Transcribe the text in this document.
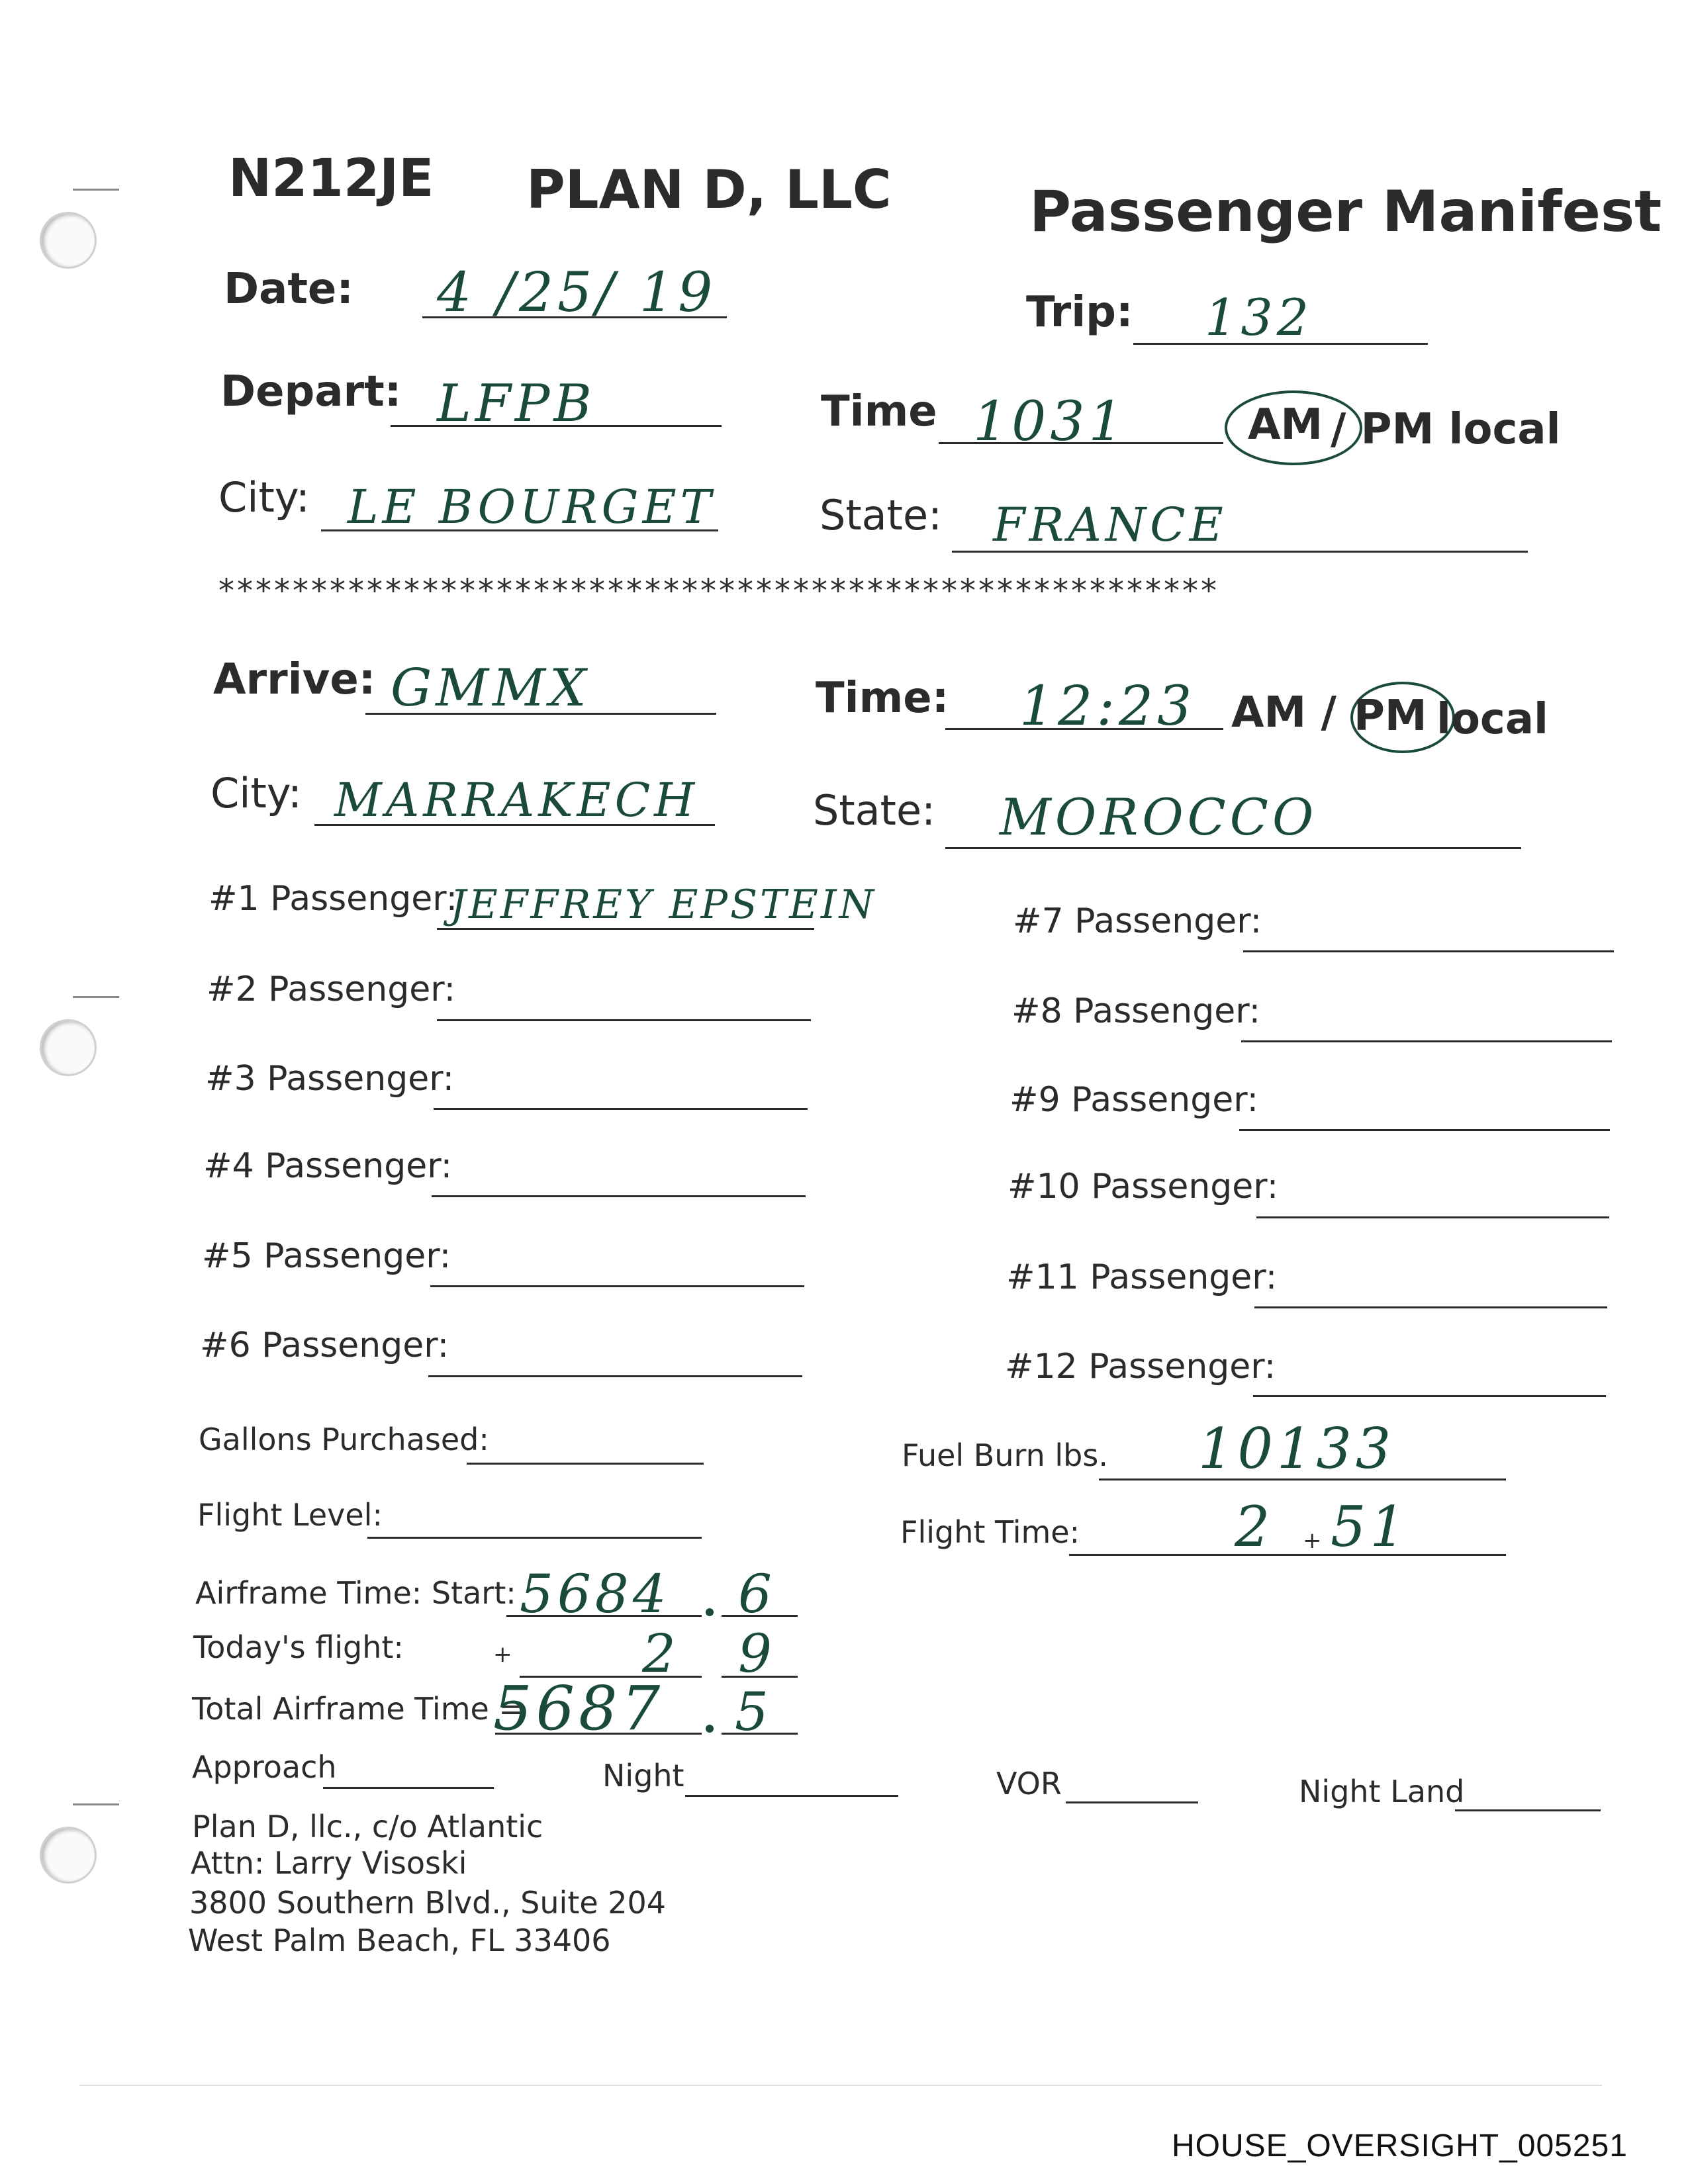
N212JE PLAN D, LLC Passenger Manifest
Date: 4 /25/ 19	Trip: 132
Depart: LFPB	Time 1031	AM / PM local
City: LE BOURGET	State: FRANCE
******************************************************
Arrive: GMMX	Time: 12:23 AM / PM local
City: MARRAKECH	State: MOROCCO
#1 Passenger:
JEFFREY EPSTEIN
#2 Passenger:
#3 Passenger:
#4 Passenger:
#5 Passenger:
#6 Passenger:
#7 Passenger:
#8 Passenger:
#9 Passenger:
#10 Passenger:
#11 Passenger:
#12 Passenger:
Gallons Purchased:	Fuel Burn lbs. 10133
Flight Level:	Flight Time:	2 + 51
Airframe Time: Start: 5684 6
Today's flight:	+ 2 9
Total Airframe Time =
5687 5
Approach	Night	VOR	Night Land
Plan D, llc., c/o Atlantic
Attn: Larry Visoski
3800 Southern Blvd., Suite 204
West Palm Beach, FL 33406
HOUSE_OVERSIGHT_005251
